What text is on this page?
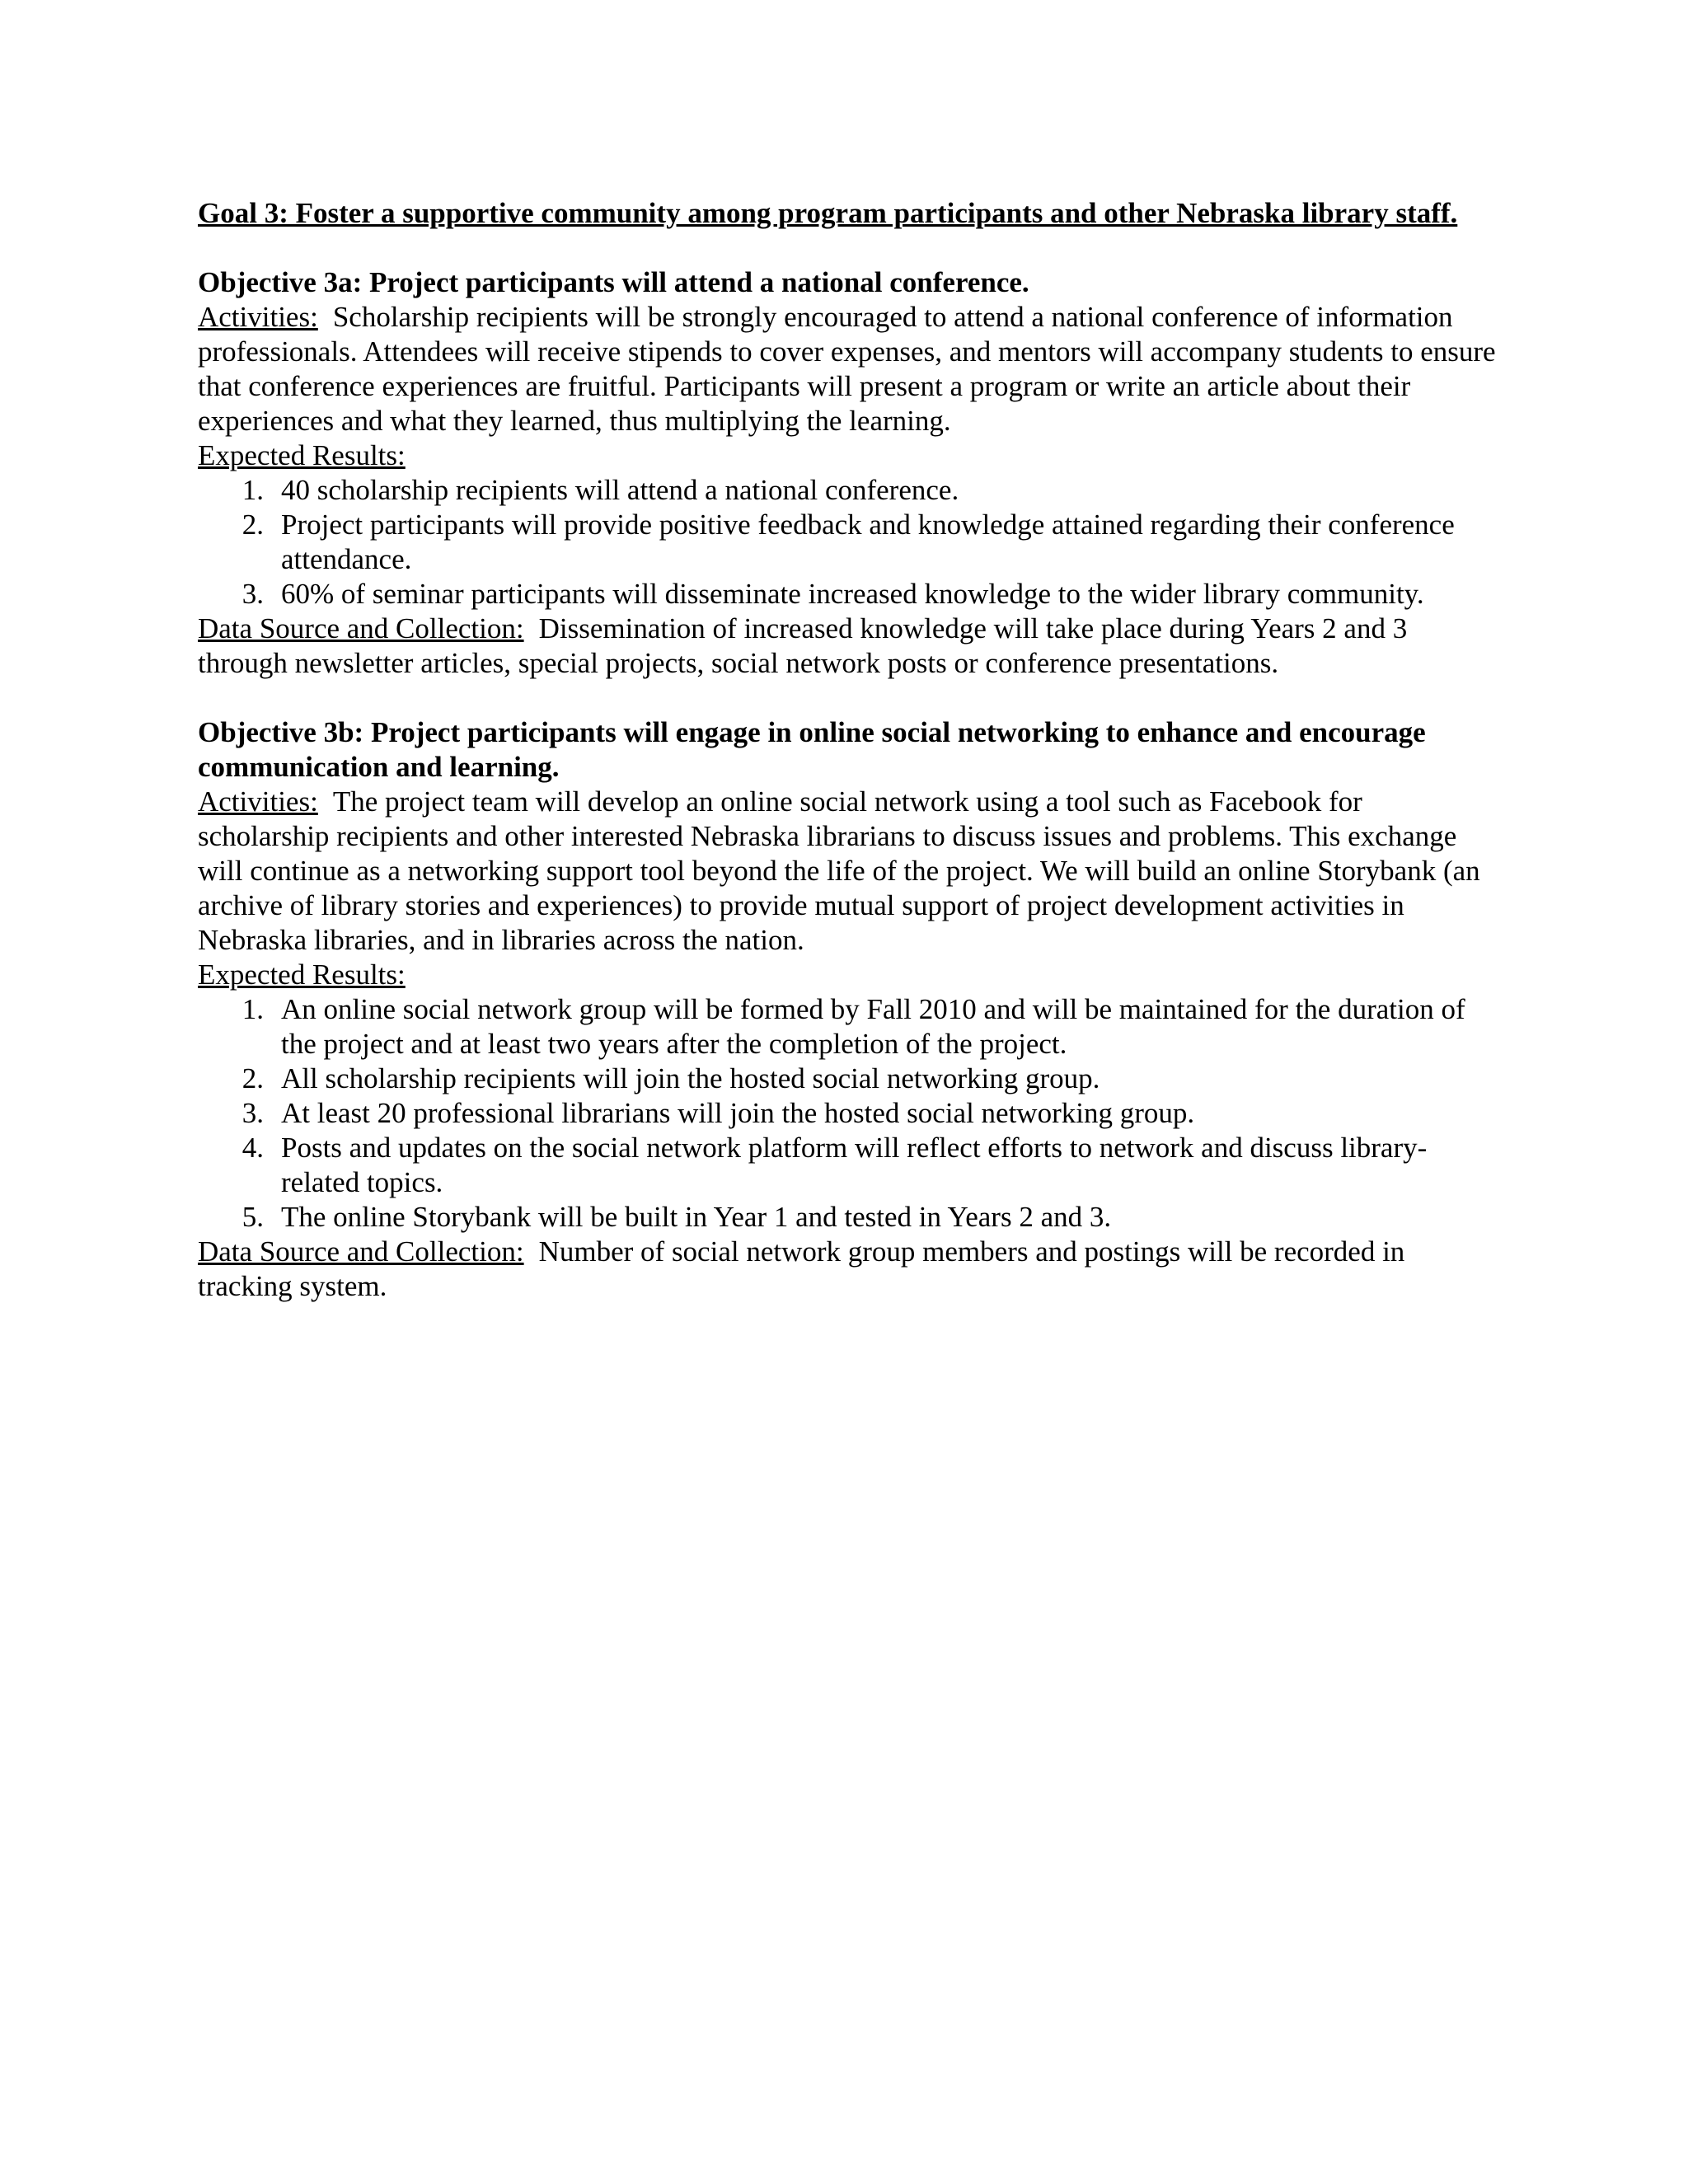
Goal 3: Foster a supportive community among program participants and other Nebraska library staff.

Objective 3a: Project participants will attend a national conference.

Activities: Scholarship recipients will be strongly encouraged to attend a national conference of information professionals. Attendees will receive stipends to cover expenses, and mentors will accompany students to ensure that conference experiences are fruitful. Participants will present a program or write an article about their experiences and what they learned, thus multiplying the learning.

Expected Results:

1. 40 scholarship recipients will attend a national conference.
2. Project participants will provide positive feedback and knowledge attained regarding their conference attendance.
3. 60% of seminar participants will disseminate increased knowledge to the wider library community.

Data Source and Collection: Dissemination of increased knowledge will take place during Years 2 and 3 through newsletter articles, special projects, social network posts or conference presentations.

Objective 3b: Project participants will engage in online social networking to enhance and encourage communication and learning.

Activities: The project team will develop an online social network using a tool such as Facebook for scholarship recipients and other interested Nebraska librarians to discuss issues and problems. This exchange will continue as a networking support tool beyond the life of the project. We will build an online Storybank (an archive of library stories and experiences) to provide mutual support of project development activities in Nebraska libraries, and in libraries across the nation.

Expected Results:

1. An online social network group will be formed by Fall 2010 and will be maintained for the duration of the project and at least two years after the completion of the project.
2. All scholarship recipients will join the hosted social networking group.
3. At least 20 professional librarians will join the hosted social networking group.
4. Posts and updates on the social network platform will reflect efforts to network and discuss library-related topics.
5. The online Storybank will be built in Year 1 and tested in Years 2 and 3.

Data Source and Collection: Number of social network group members and postings will be recorded in tracking system.
